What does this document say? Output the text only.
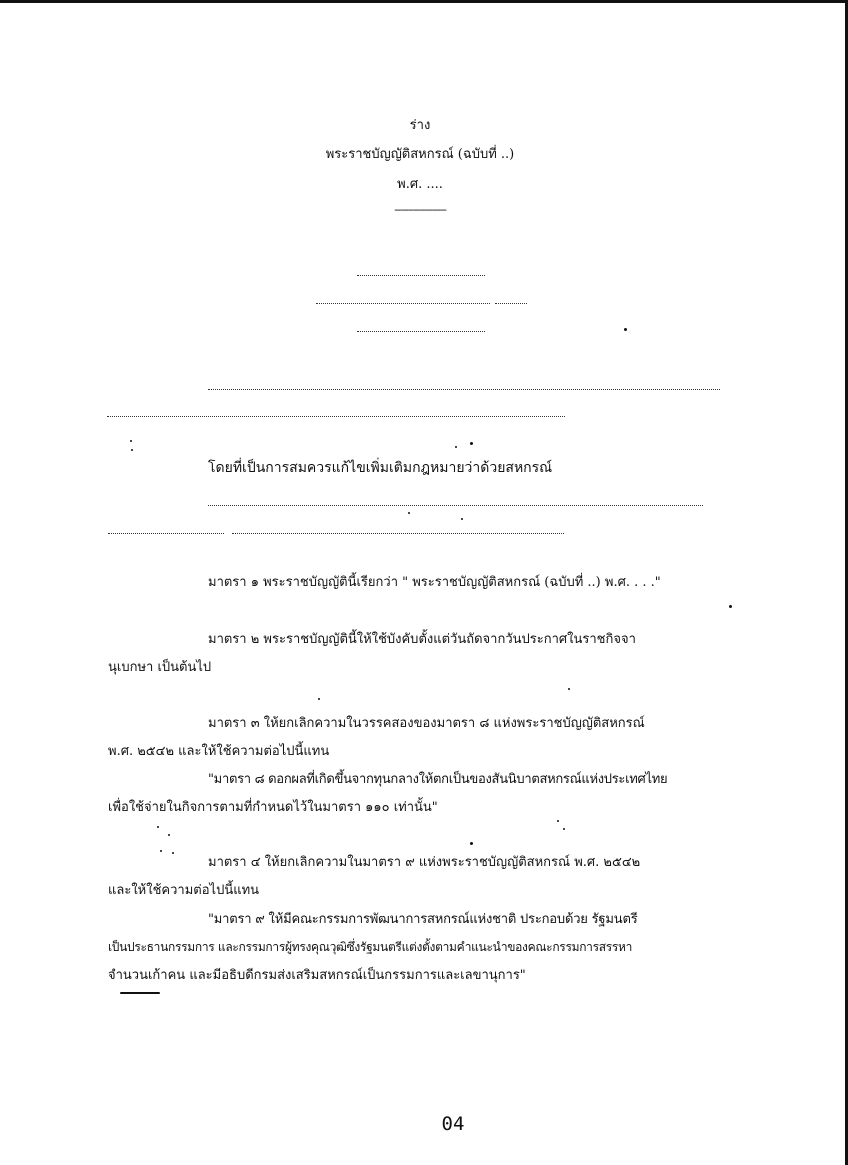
ร่าง
พระราชบัญญัติสหกรณ์ (ฉบับที่ ..)
พ.ศ. ....
-------------------
โดยที่เป็นการสมควรแก้ไขเพิ่มเติมกฎหมายว่าด้วยสหกรณ์
มาตรา ๑ พระราชบัญญัตินี้เรียกว่า " พระราชบัญญัติสหกรณ์ (ฉบับที่ ..) พ.ศ. . . ."
มาตรา ๒ พระราชบัญญัตินี้ให้ใช้บังคับตั้งแต่วันถัดจากวันประกาศในราชกิจจา
นุเบกษา เป็นต้นไป
มาตรา ๓ ให้ยกเลิกความในวรรคสองของมาตรา ๘ แห่งพระราชบัญญัติสหกรณ์
พ.ศ. ๒๕๔๒ และให้ใช้ความต่อไปนี้แทน
"มาตรา ๘ ดอกผลที่เกิดขึ้นจากทุนกลางให้ตกเป็นของสันนิบาตสหกรณ์แห่งประเทศไทย
เพื่อใช้จ่ายในกิจการตามที่กำหนดไว้ในมาตรา ๑๑๐ เท่านั้น"
มาตรา ๔ ให้ยกเลิกความในมาตรา ๙ แห่งพระราชบัญญัติสหกรณ์ พ.ศ. ๒๕๔๒
และให้ใช้ความต่อไปนี้แทน
"มาตรา ๙ ให้มีคณะกรรมการพัฒนาการสหกรณ์แห่งชาติ ประกอบด้วย รัฐมนตรี
เป็นประธานกรรมการ และกรรมการผู้ทรงคุณวุฒิซึ่งรัฐมนตรีแต่งตั้งตามคำแนะนำของคณะกรรมการสรรหา
จำนวนเก้าคน และมีอธิบดีกรมส่งเสริมสหกรณ์เป็นกรรมการและเลขานุการ"
04
